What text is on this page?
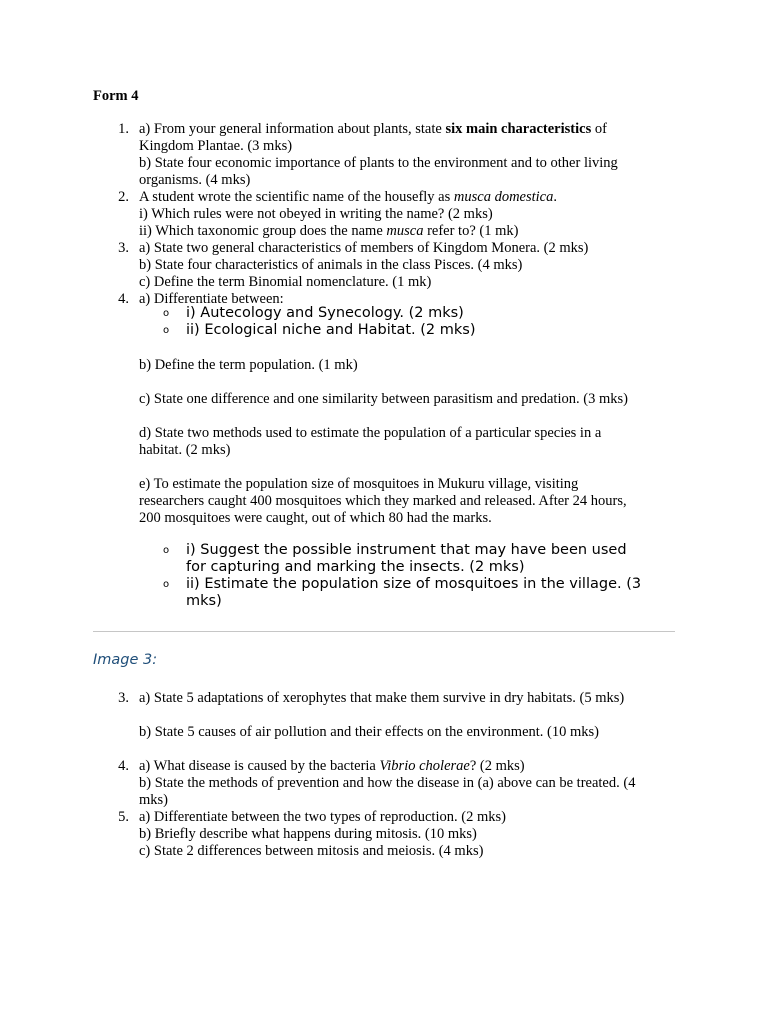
Form 4
1. a) From your general information about plants, state six main characteristics of
Kingdom Plantae. (3 mks)
b) State four economic importance of plants to the environment and to other living
organisms. (4 mks)
2. A student wrote the scientific name of the housefly as musca domestica.
i) Which rules were not obeyed in writing the name? (2 mks)
ii) Which taxonomic group does the name musca refer to? (1 mk)
3. a) State two general characteristics of members of Kingdom Monera. (2 mks)
b) State four characteristics of animals in the class Pisces. (4 mks)
c) Define the term Binomial nomenclature. (1 mk)
4. a) Differentiate between:
o i) Autecology and Synecology. (2 mks)
o ii) Ecological niche and Habitat. (2 mks)
b) Define the term population. (1 mk)
c) State one difference and one similarity between parasitism and predation. (3 mks)
d) State two methods used to estimate the population of a particular species in a
habitat. (2 mks)
e) To estimate the population size of mosquitoes in Mukuru village, visiting
researchers caught 400 mosquitoes which they marked and released. After 24 hours,
200 mosquitoes were caught, out of which 80 had the marks.
o i) Suggest the possible instrument that may have been used
for capturing and marking the insects. (2 mks)
o ii) Estimate the population size of mosquitoes in the village. (3
mks)
Image 3:
3. a) State 5 adaptations of xerophytes that make them survive in dry habitats. (5 mks)
b) State 5 causes of air pollution and their effects on the environment. (10 mks)
4. a) What disease is caused by the bacteria Vibrio cholerae? (2 mks)
b) State the methods of prevention and how the disease in (a) above can be treated. (4
mks)
5. a) Differentiate between the two types of reproduction. (2 mks)
b) Briefly describe what happens during mitosis. (10 mks)
c) State 2 differences between mitosis and meiosis. (4 mks)
